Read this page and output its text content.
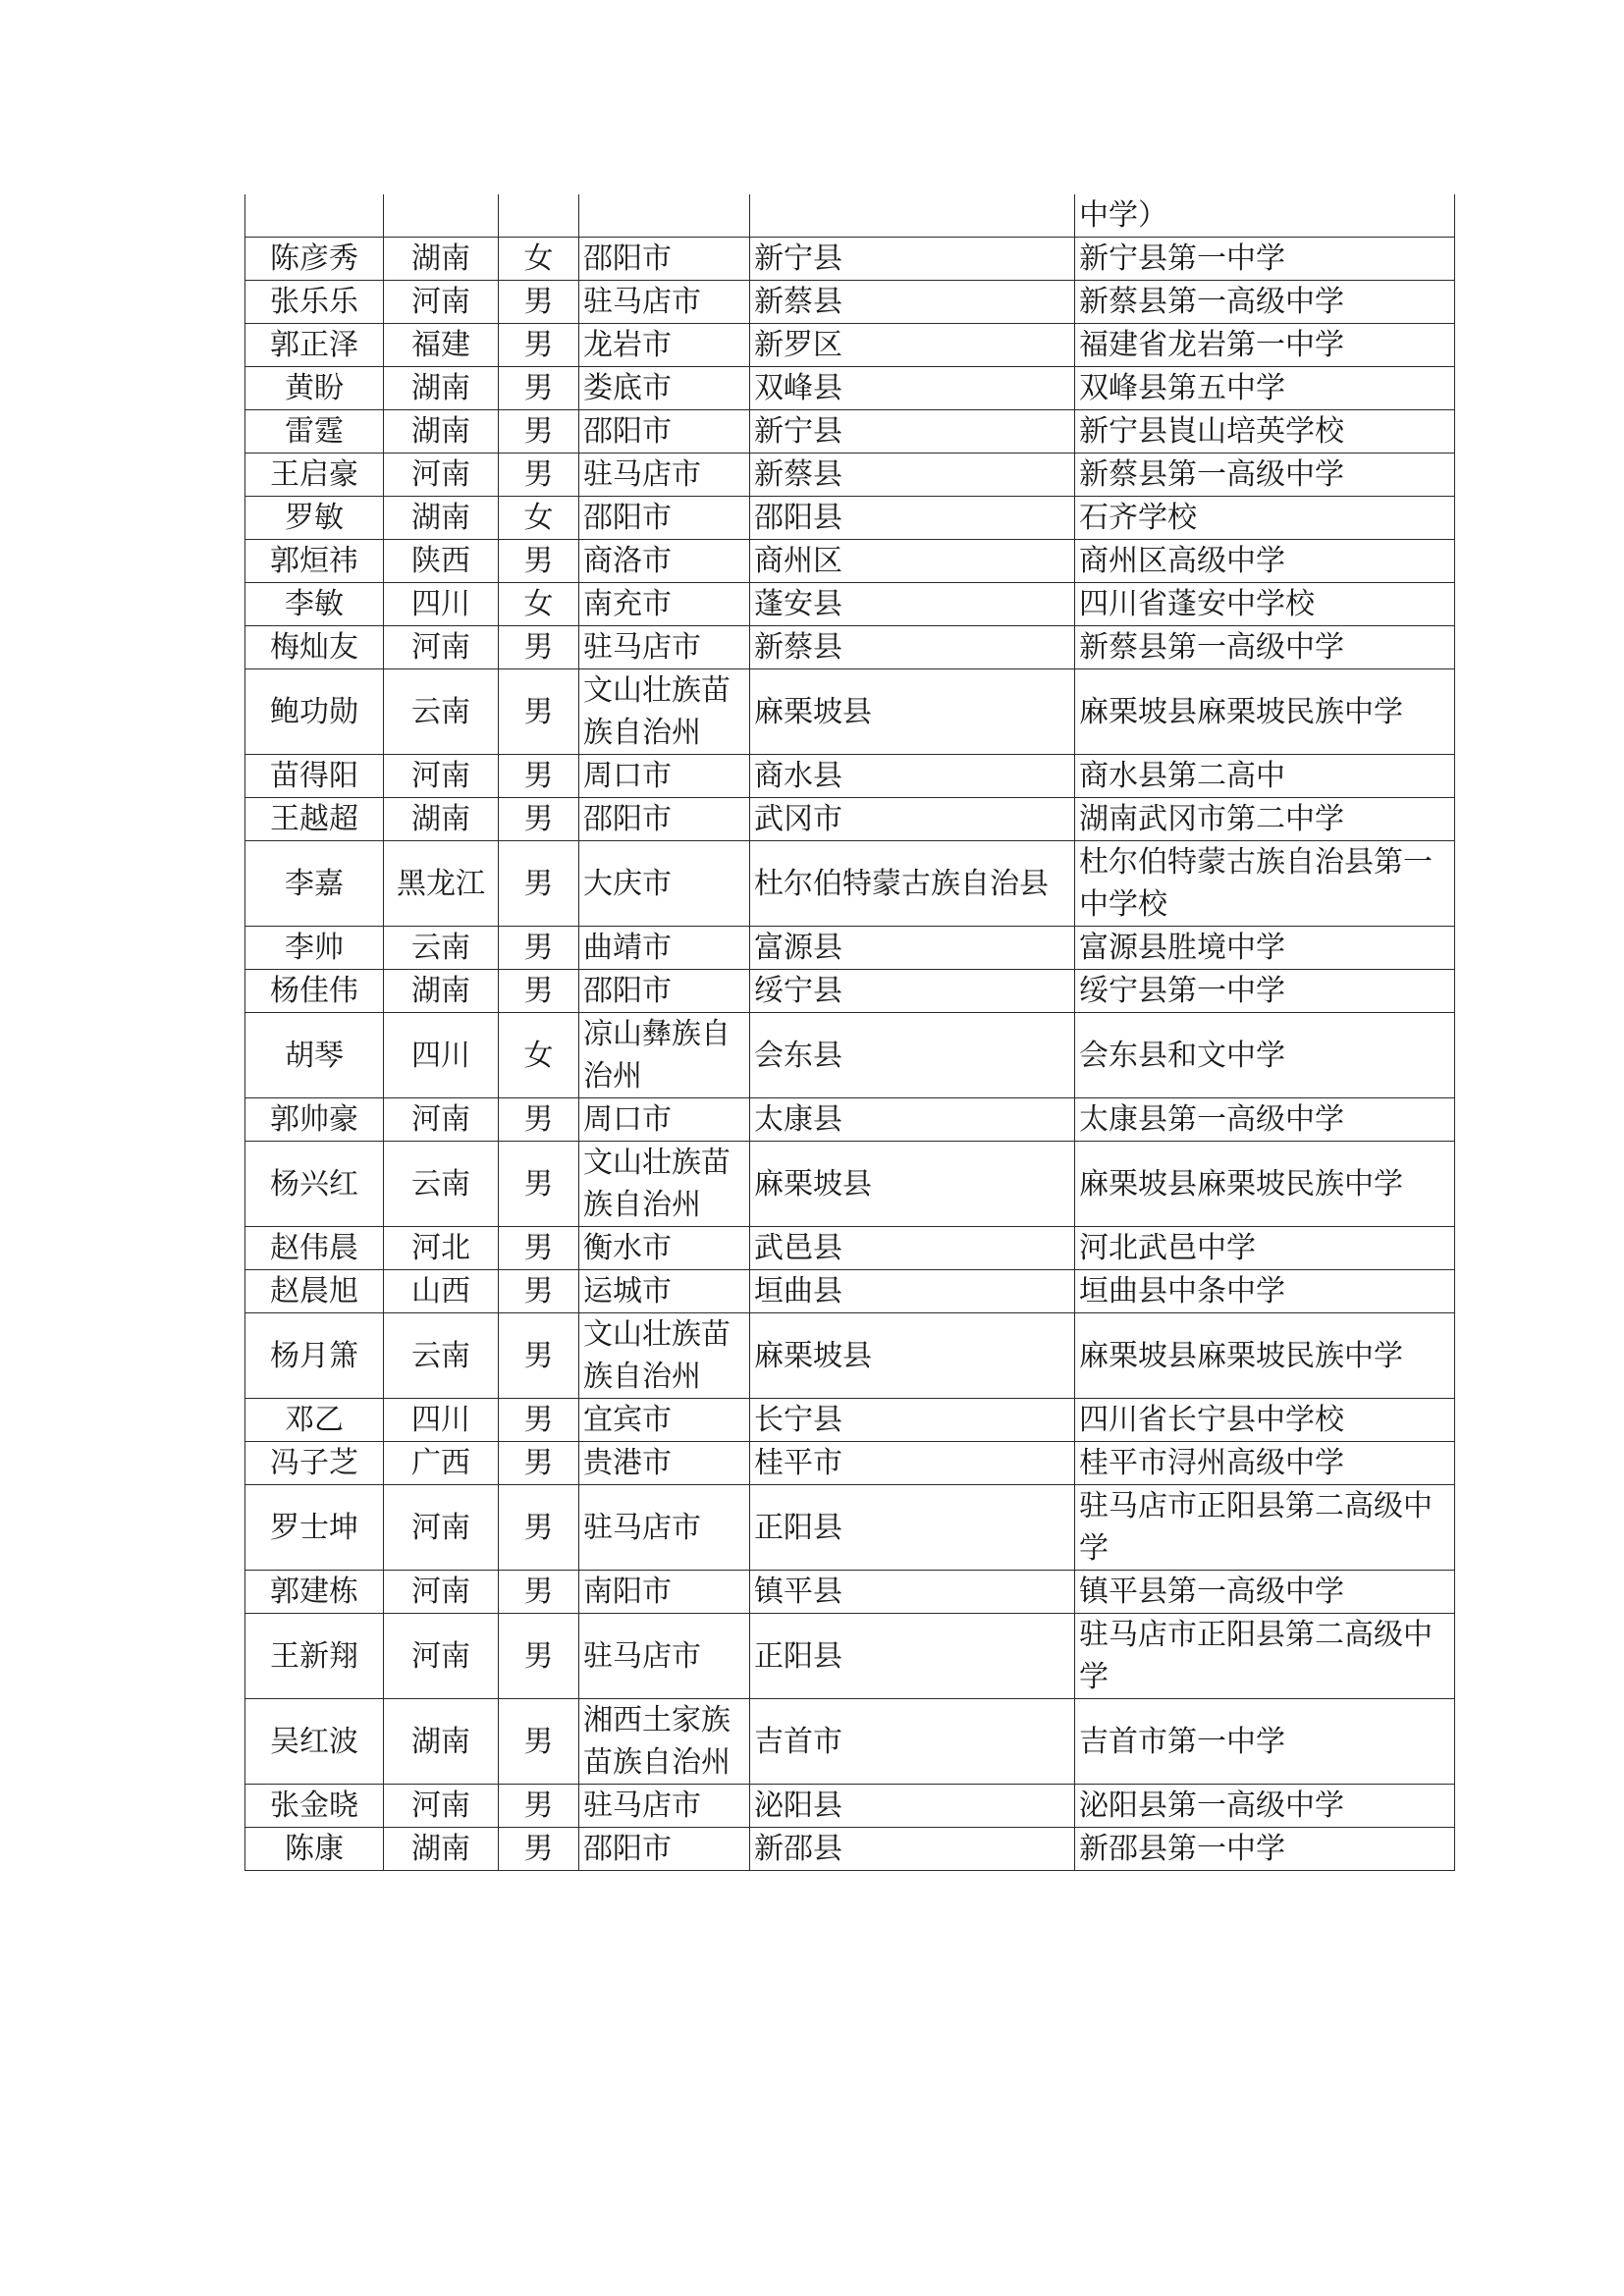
					中学）
陈彦秀	湖南	女	邵阳市	新宁县	新宁县第一中学
张乐乐	河南	男	驻马店市	新蔡县	新蔡县第一高级中学
郭正泽	福建	男	龙岩市	新罗区	福建省龙岩第一中学
黄盼	湖南	男	娄底市	双峰县	双峰县第五中学
雷霆	湖南	男	邵阳市	新宁县	新宁县崀山培英学校
王启豪	河南	男	驻马店市	新蔡县	新蔡县第一高级中学
罗敏	湖南	女	邵阳市	邵阳县	石齐学校
郭烜祎	陕西	男	商洛市	商州区	商州区高级中学
李敏	四川	女	南充市	蓬安县	四川省蓬安中学校
梅灿友	河南	男	驻马店市	新蔡县	新蔡县第一高级中学
鲍功勋	云南	男	文山壮族苗族自治州	麻栗坡县	麻栗坡县麻栗坡民族中学
苗得阳	河南	男	周口市	商水县	商水县第二高中
王越超	湖南	男	邵阳市	武冈市	湖南武冈市第二中学
李嘉	黑龙江	男	大庆市	杜尔伯特蒙古族自治县	杜尔伯特蒙古族自治县第一中学校
李帅	云南	男	曲靖市	富源县	富源县胜境中学
杨佳伟	湖南	男	邵阳市	绥宁县	绥宁县第一中学
胡琴	四川	女	凉山彝族自治州	会东县	会东县和文中学
郭帅豪	河南	男	周口市	太康县	太康县第一高级中学
杨兴红	云南	男	文山壮族苗族自治州	麻栗坡县	麻栗坡县麻栗坡民族中学
赵伟晨	河北	男	衡水市	武邑县	河北武邑中学
赵晨旭	山西	男	运城市	垣曲县	垣曲县中条中学
杨月箫	云南	男	文山壮族苗族自治州	麻栗坡县	麻栗坡县麻栗坡民族中学
邓乙	四川	男	宜宾市	长宁县	四川省长宁县中学校
冯子芝	广西	男	贵港市	桂平市	桂平市浔州高级中学
罗士坤	河南	男	驻马店市	正阳县	驻马店市正阳县第二高级中学
郭建栋	河南	男	南阳市	镇平县	镇平县第一高级中学
王新翔	河南	男	驻马店市	正阳县	驻马店市正阳县第二高级中学
吴红波	湖南	男	湘西土家族苗族自治州	吉首市	吉首市第一中学
张金晓	河南	男	驻马店市	泌阳县	泌阳县第一高级中学
陈康	湖南	男	邵阳市	新邵县	新邵县第一中学
